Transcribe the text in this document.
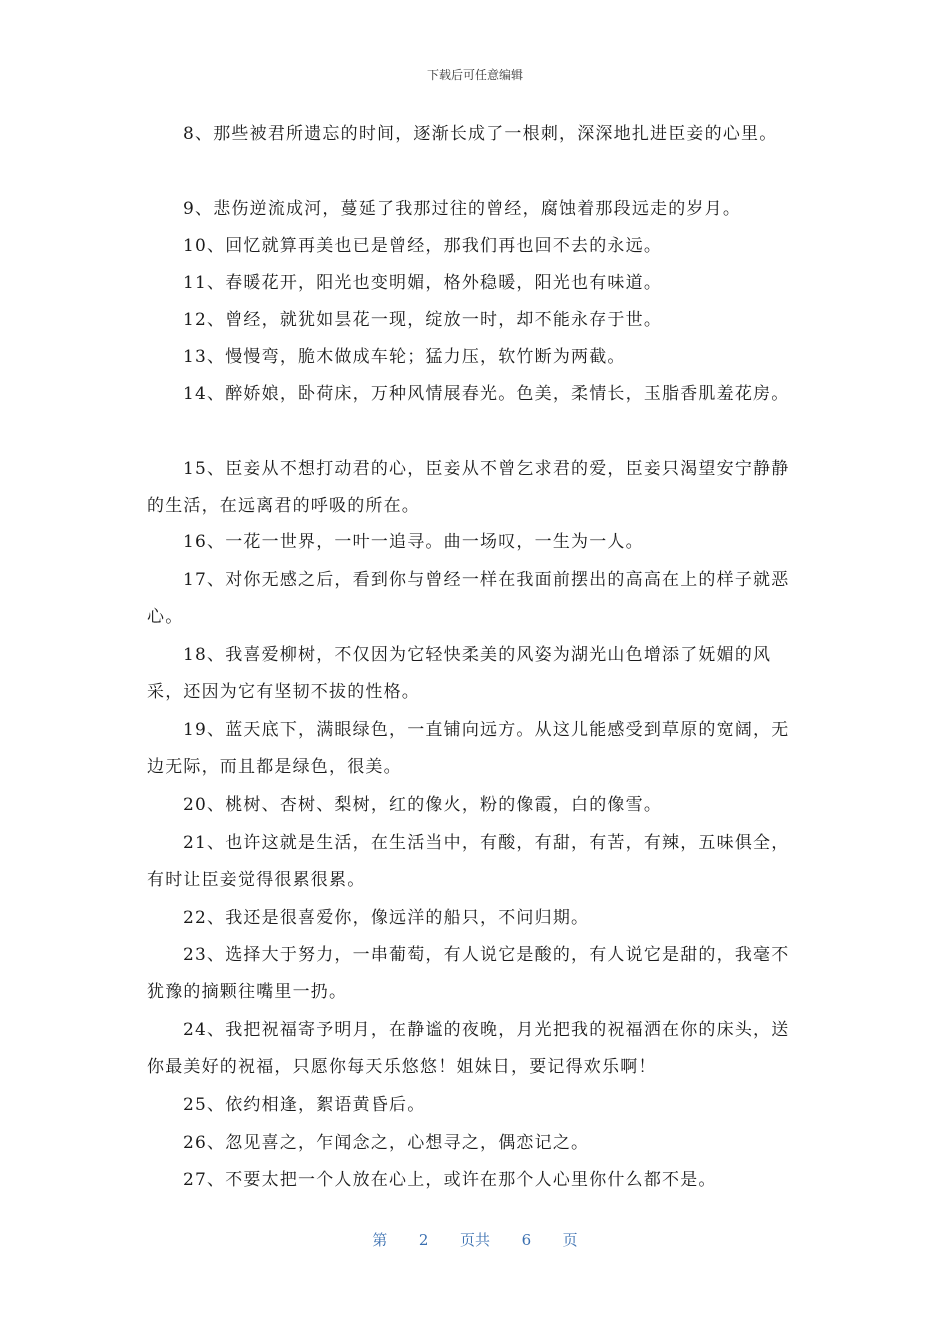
下载后可任意编辑

8、那些被君所遗忘的时间，逐渐长成了一根刺，深深地扎进臣妾的心里。

9、悲伤逆流成河，蔓延了我那过往的曾经，腐蚀着那段远走的岁月。

10、回忆就算再美也已是曾经，那我们再也回不去的永远。

11、春暖花开，阳光也变明媚，格外稳暖，阳光也有味道。

12、曾经，就犹如昙花一现，绽放一时，却不能永存于世。

13、慢慢弯，脆木做成车轮；猛力压，软竹断为两截。

14、醉娇娘，卧荷床，万种风情展春光。色美，柔情长，玉脂香肌羞花房。

15、臣妾从不想打动君的心，臣妾从不曾乞求君的爱，臣妾只渴望安宁静静的生活，在远离君的呼吸的所在。

16、一花一世界，一叶一追寻。曲一场叹，一生为一人。

17、对你无感之后，看到你与曾经一样在我面前摆出的高高在上的样子就恶心。

18、我喜爱柳树，不仅因为它轻快柔美的风姿为湖光山色增添了妩媚的风采，还因为它有坚韧不拔的性格。

19、蓝天底下，满眼绿色，一直铺向远方。从这儿能感受到草原的宽阔，无边无际，而且都是绿色，很美。

20、桃树、杏树、梨树，红的像火，粉的像霞，白的像雪。

21、也许这就是生活，在生活当中，有酸，有甜，有苦，有辣，五味俱全，有时让臣妾觉得很累很累。

22、我还是很喜爱你，像远洋的船只，不问归期。

23、选择大于努力，一串葡萄，有人说它是酸的，有人说它是甜的，我毫不犹豫的摘颗往嘴里一扔。

24、我把祝福寄予明月，在静谧的夜晚，月光把我的祝福洒在你的床头，送你最美好的祝福，只愿你每天乐悠悠！姐妹日，要记得欢乐啊！

25、依约相逢，絮语黄昏后。

26、忽见喜之，乍闻念之，心想寻之，偶恋记之。

27、不要太把一个人放在心上，或许在那个人心里你什么都不是。

第 2 页共 6 页
